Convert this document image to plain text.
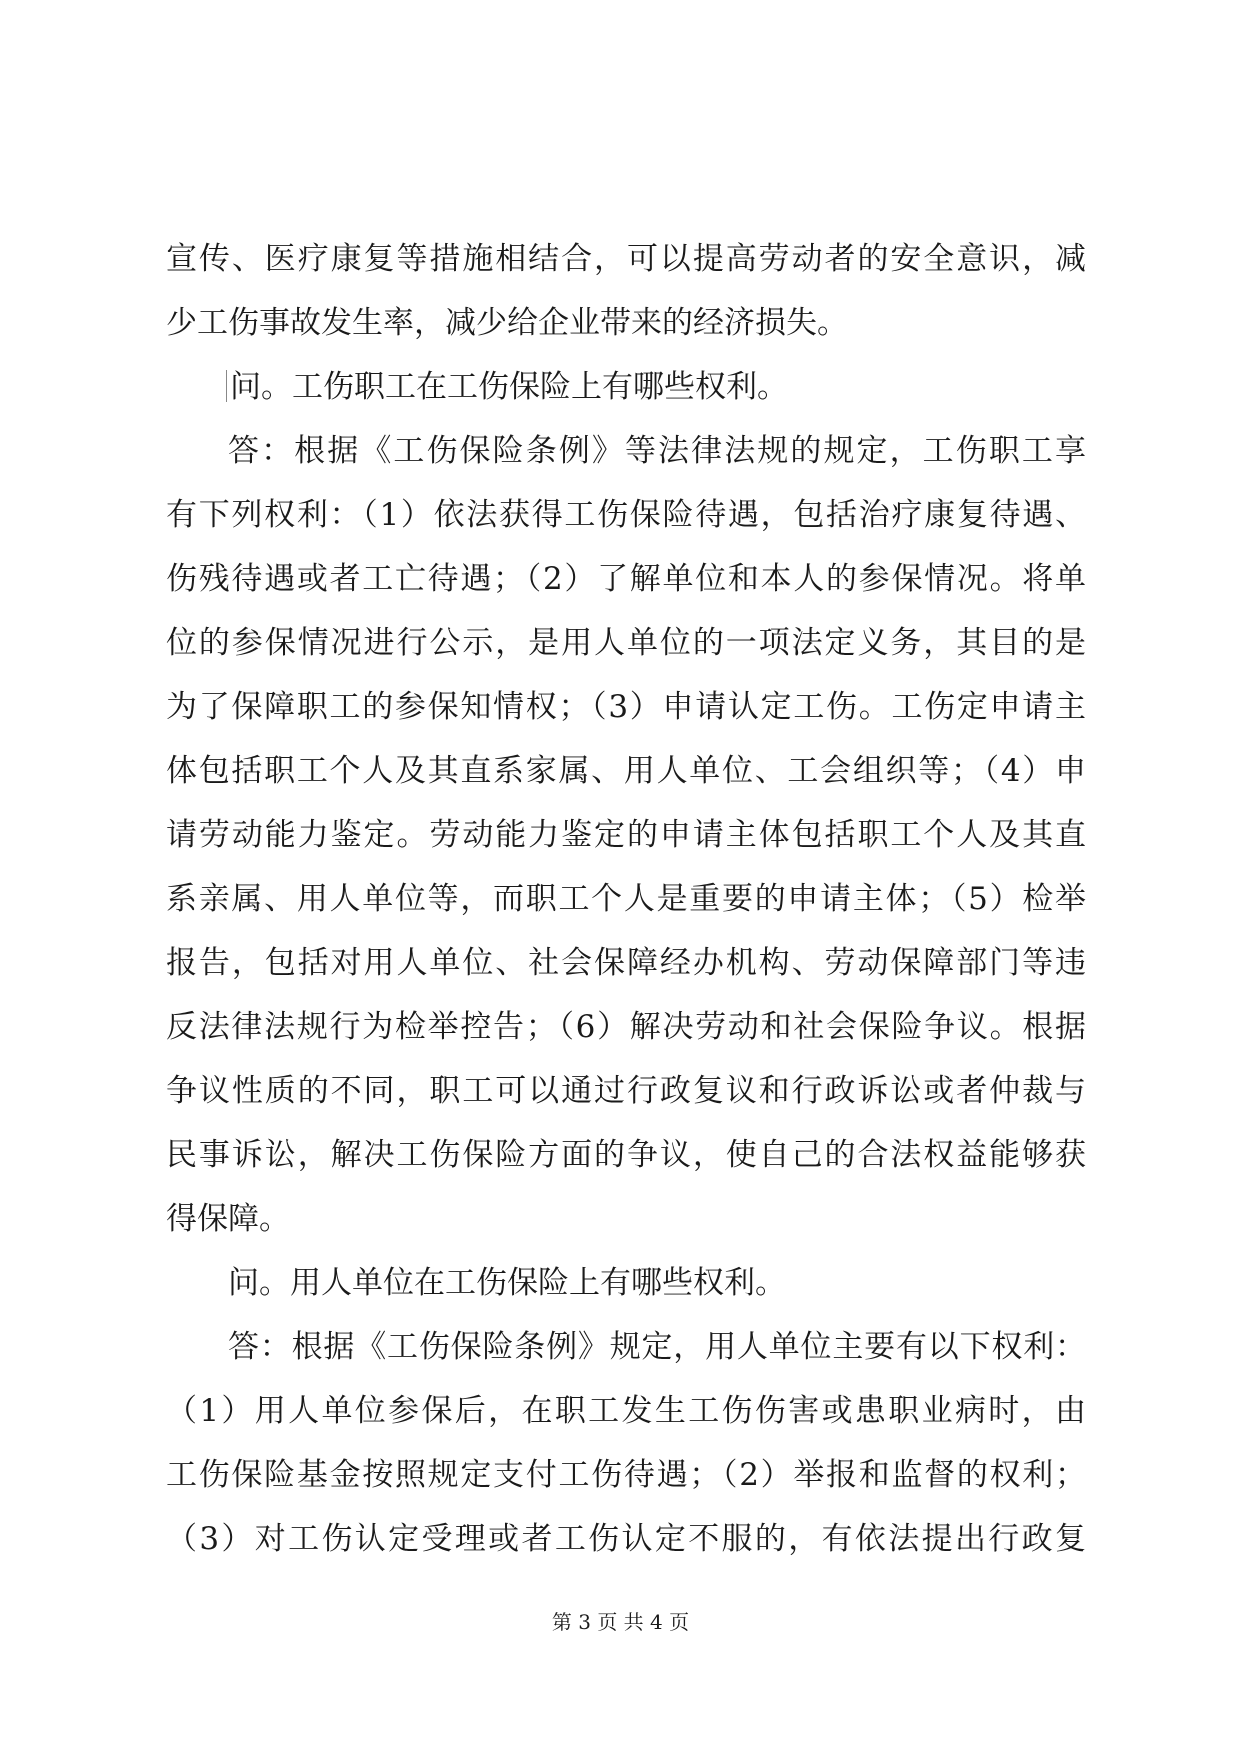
宣传、医疗康复等措施相结合，可以提高劳动者的安全意识，减
少工伤事故发生率，减少给企业带来的经济损失。
问。工伤职工在工伤保险上有哪些权利。
答：根据《工伤保险条例》等法律法规的规定，工伤职工享
有下列权利：（1）依法获得工伤保险待遇，包括治疗康复待遇、
伤残待遇或者工亡待遇；（2）了解单位和本人的参保情况。将单
位的参保情况进行公示，是用人单位的一项法定义务，其目的是
为了保障职工的参保知情权；（3）申请认定工伤。工伤定申请主
体包括职工个人及其直系家属、用人单位、工会组织等；（4）申
请劳动能力鉴定。劳动能力鉴定的申请主体包括职工个人及其直
系亲属、用人单位等，而职工个人是重要的申请主体；（5）检举
报告，包括对用人单位、社会保障经办机构、劳动保障部门等违
反法律法规行为检举控告；（6）解决劳动和社会保险争议。根据
争议性质的不同，职工可以通过行政复议和行政诉讼或者仲裁与
民事诉讼，解决工伤保险方面的争议，使自己的合法权益能够获
得保障。
问。用人单位在工伤保险上有哪些权利。
答：根据《工伤保险条例》规定，用人单位主要有以下权利：
（1）用人单位参保后，在职工发生工伤伤害或患职业病时，由
工伤保险基金按照规定支付工伤待遇；（2）举报和监督的权利；
（3）对工伤认定受理或者工伤认定不服的，有依法提出行政复
第 3 页 共 4 页
